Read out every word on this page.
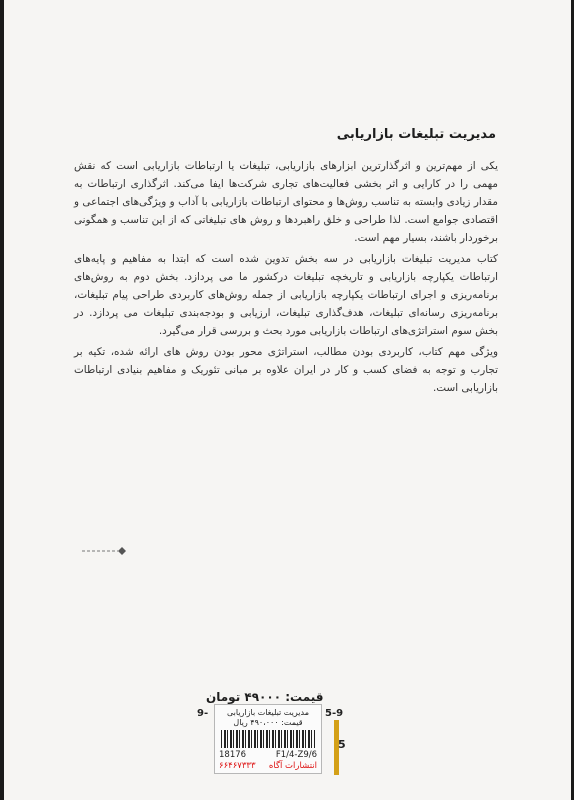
مدیریت تبلیغات بازاریابی

یکی از مهم‌ترین و اثرگذارترین ابزارهای بازاریابی، تبلیغات یا ارتباطات بازاریابی است که نقش مهمی را در کارایی و اثر بخشی فعالیت‌های تجاری شرکت‌ها ایفا می‌کند. اثرگذاری ارتباطات به مقدار زیادی وابسته به تناسب روش‌ها و محتوای ارتباطات بازاریابی با آداب و ویژگی‌های اجتماعی و اقتصادی جوامع است. لذا طراحی و خلق راهبردها و روش های تبلیغاتی که از این تناسب و همگونی برخوردار باشند، بسیار مهم است.

کتاب مدیریت تبلیغات بازاریابی در سه بخش تدوین شده است که ابتدا به مفاهیم و پایه‌های ارتباطات یکپارچه بازاریابی و تاریخچه تبلیغات درکشور ما می پردازد. بخش دوم به روش‌های برنامه‌ریزی و اجرای ارتباطات یکپارچه بازاریابی از جمله روش‌های کاربردی طراحی پیام تبلیغات، برنامه‌ریزی رسانه‌ای تبلیغات، هدف‌گذاری تبلیغات، ارزیابی و بودجه‌بندی تبلیغات می پردازد. در بخش سوم استراتژی‌های ارتباطات بازاریابی مورد بحث و بررسی قرار می‌گیرد.

ویژگی مهم کتاب، کاربردی بودن مطالب، استراتژی محور بودن روش های ارائه شده، تکیه بر تجارب و توجه به فضای کسب و کار در ایران علاوه بر مبانی تئوریک و مفاهیم بنیادی ارتباطات بازاریابی است.

قیمت: ۴۹۰۰۰ تومان
9-	مدیریت تبلیغات بازاریابی
قیمت: ۴۹۰،۰۰۰ ریال
18176	F1/4-Z9/6
انتشارات آگاه
۶۶۴۶۷۳۳۳
5-9
5
